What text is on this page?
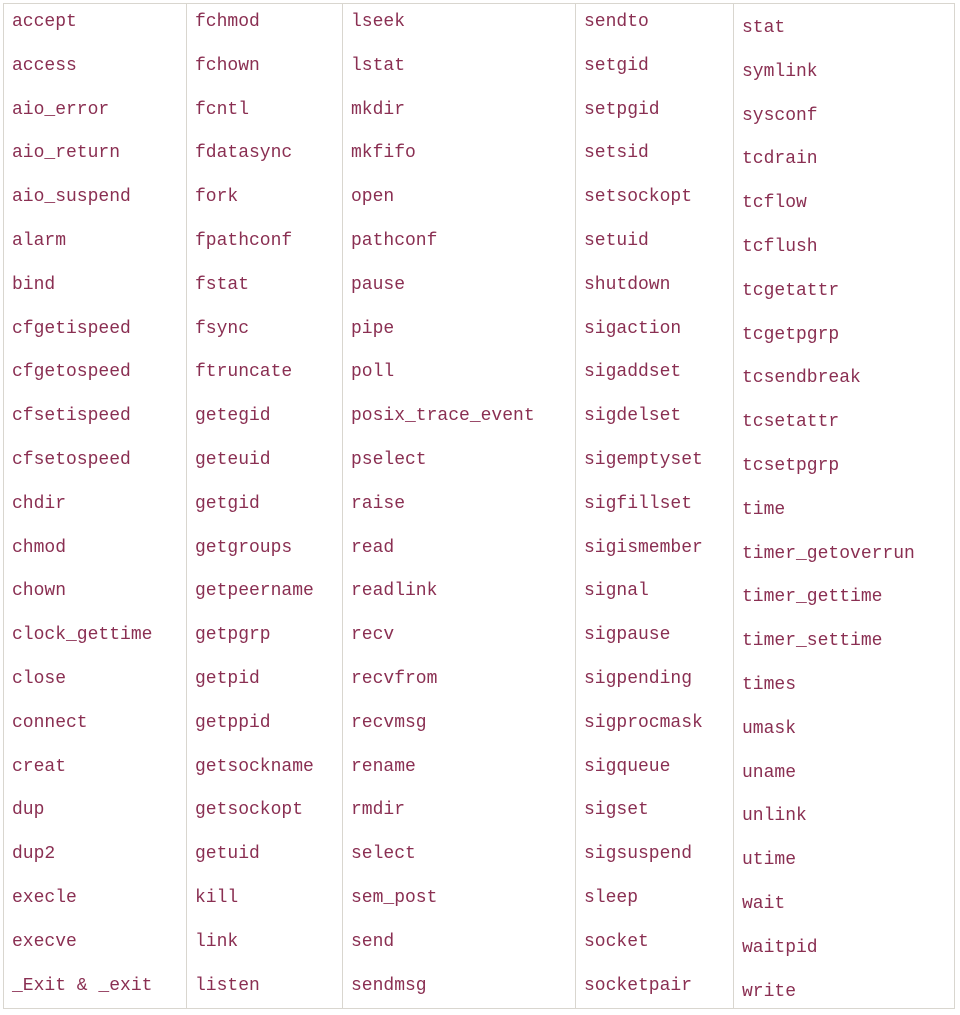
accept
access
aio_error
aio_return
aio_suspend
alarm
bind
cfgetispeed
cfgetospeed
cfsetispeed
cfsetospeed
chdir
chmod
chown
clock_gettime
close
connect
creat
dup
dup2
execle
execve
_Exit & _exit
fchmod
fchown
fcntl
fdatasync
fork
fpathconf
fstat
fsync
ftruncate
getegid
geteuid
getgid
getgroups
getpeername
getpgrp
getpid
getppid
getsockname
getsockopt
getuid
kill
link
listen
lseek
lstat
mkdir
mkfifo
open
pathconf
pause
pipe
poll
posix_trace_event
pselect
raise
read
readlink
recv
recvfrom
recvmsg
rename
rmdir
select
sem_post
send
sendmsg
sendto
setgid
setpgid
setsid
setsockopt
setuid
shutdown
sigaction
sigaddset
sigdelset
sigemptyset
sigfillset
sigismember
signal
sigpause
sigpending
sigprocmask
sigqueue
sigset
sigsuspend
sleep
socket
socketpair
stat
symlink
sysconf
tcdrain
tcflow
tcflush
tcgetattr
tcgetpgrp
tcsendbreak
tcsetattr
tcsetpgrp
time
timer_getoverrun
timer_gettime
timer_settime
times
umask
uname
unlink
utime
wait
waitpid
write
